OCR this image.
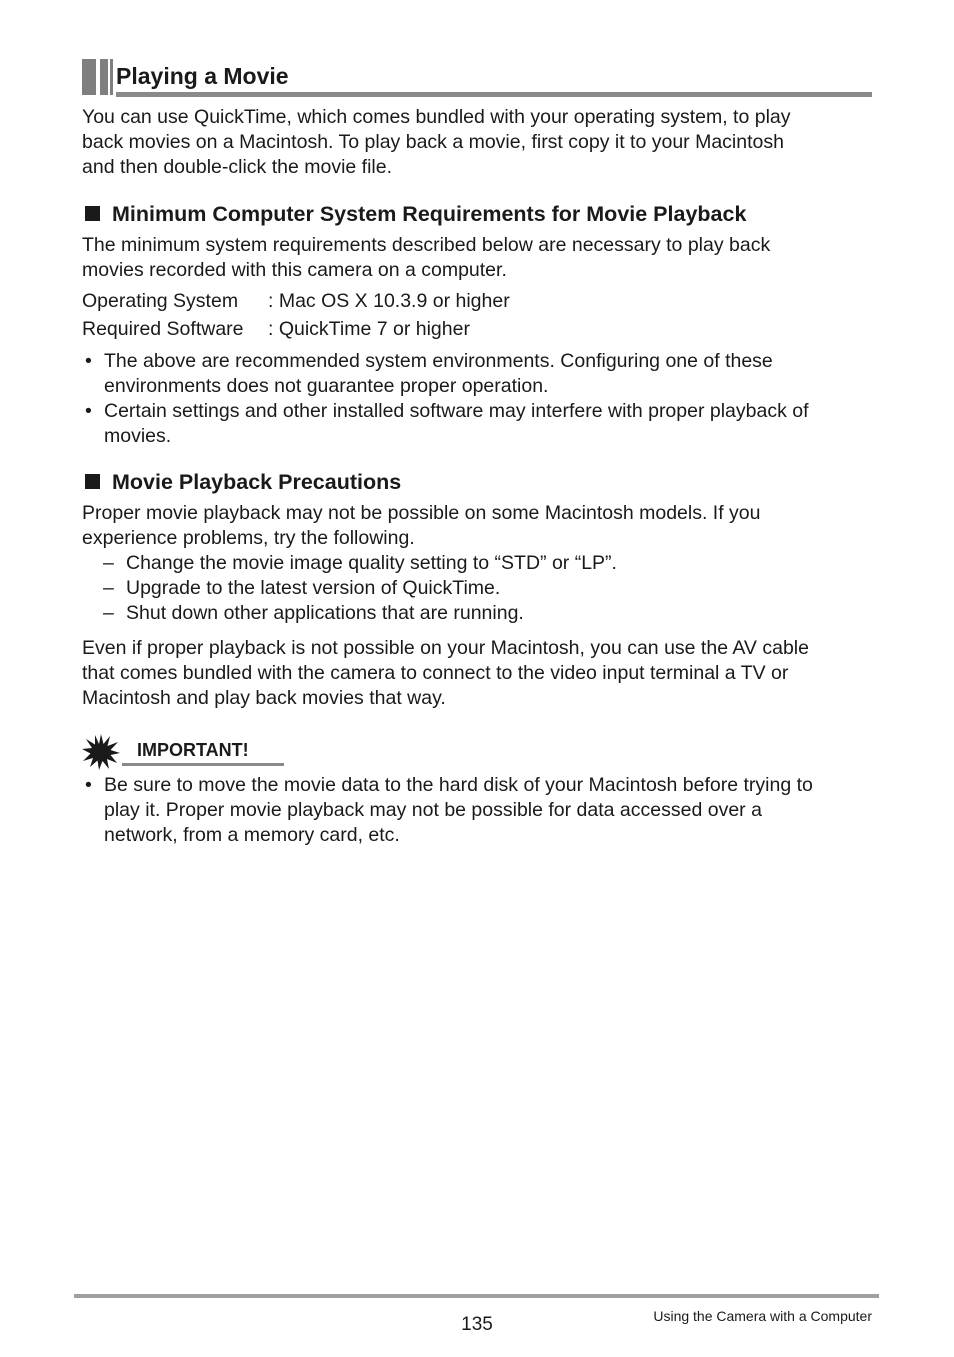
Playing a Movie

You can use QuickTime, which comes bundled with your operating system, to play
back movies on a Macintosh. To play back a movie, first copy it to your Macintosh
and then double-click the movie file.

Minimum Computer System Requirements for Movie Playback

The minimum system requirements described below are necessary to play back
movies recorded with this camera on a computer.

Operating System : Mac OS X 10.3.9 or higher
Required Software : QuickTime 7 or higher
• The above are recommended system environments. Configuring one of these
environments does not guarantee proper operation.
• Certain settings and other installed software may interfere with proper playback of
movies.
Movie Playback Precautions

Proper movie playback may not be possible on some Macintosh models. If you
experience problems, try the following.

– Change the movie image quality setting to “STD” or “LP”.
– Upgrade to the latest version of QuickTime.
– Shut down other applications that are running.

Even if proper playback is not possible on your Macintosh, you can use the AV cable
that comes bundled with the camera to connect to the video input terminal a TV or
Macintosh and play back movies that way.

IMPORTANT!
• Be sure to move the movie data to the hard disk of your Macintosh before trying to
play it. Proper movie playback may not be possible for data accessed over a
network, from a memory card, etc.
135	Using the Camera with a Computer
